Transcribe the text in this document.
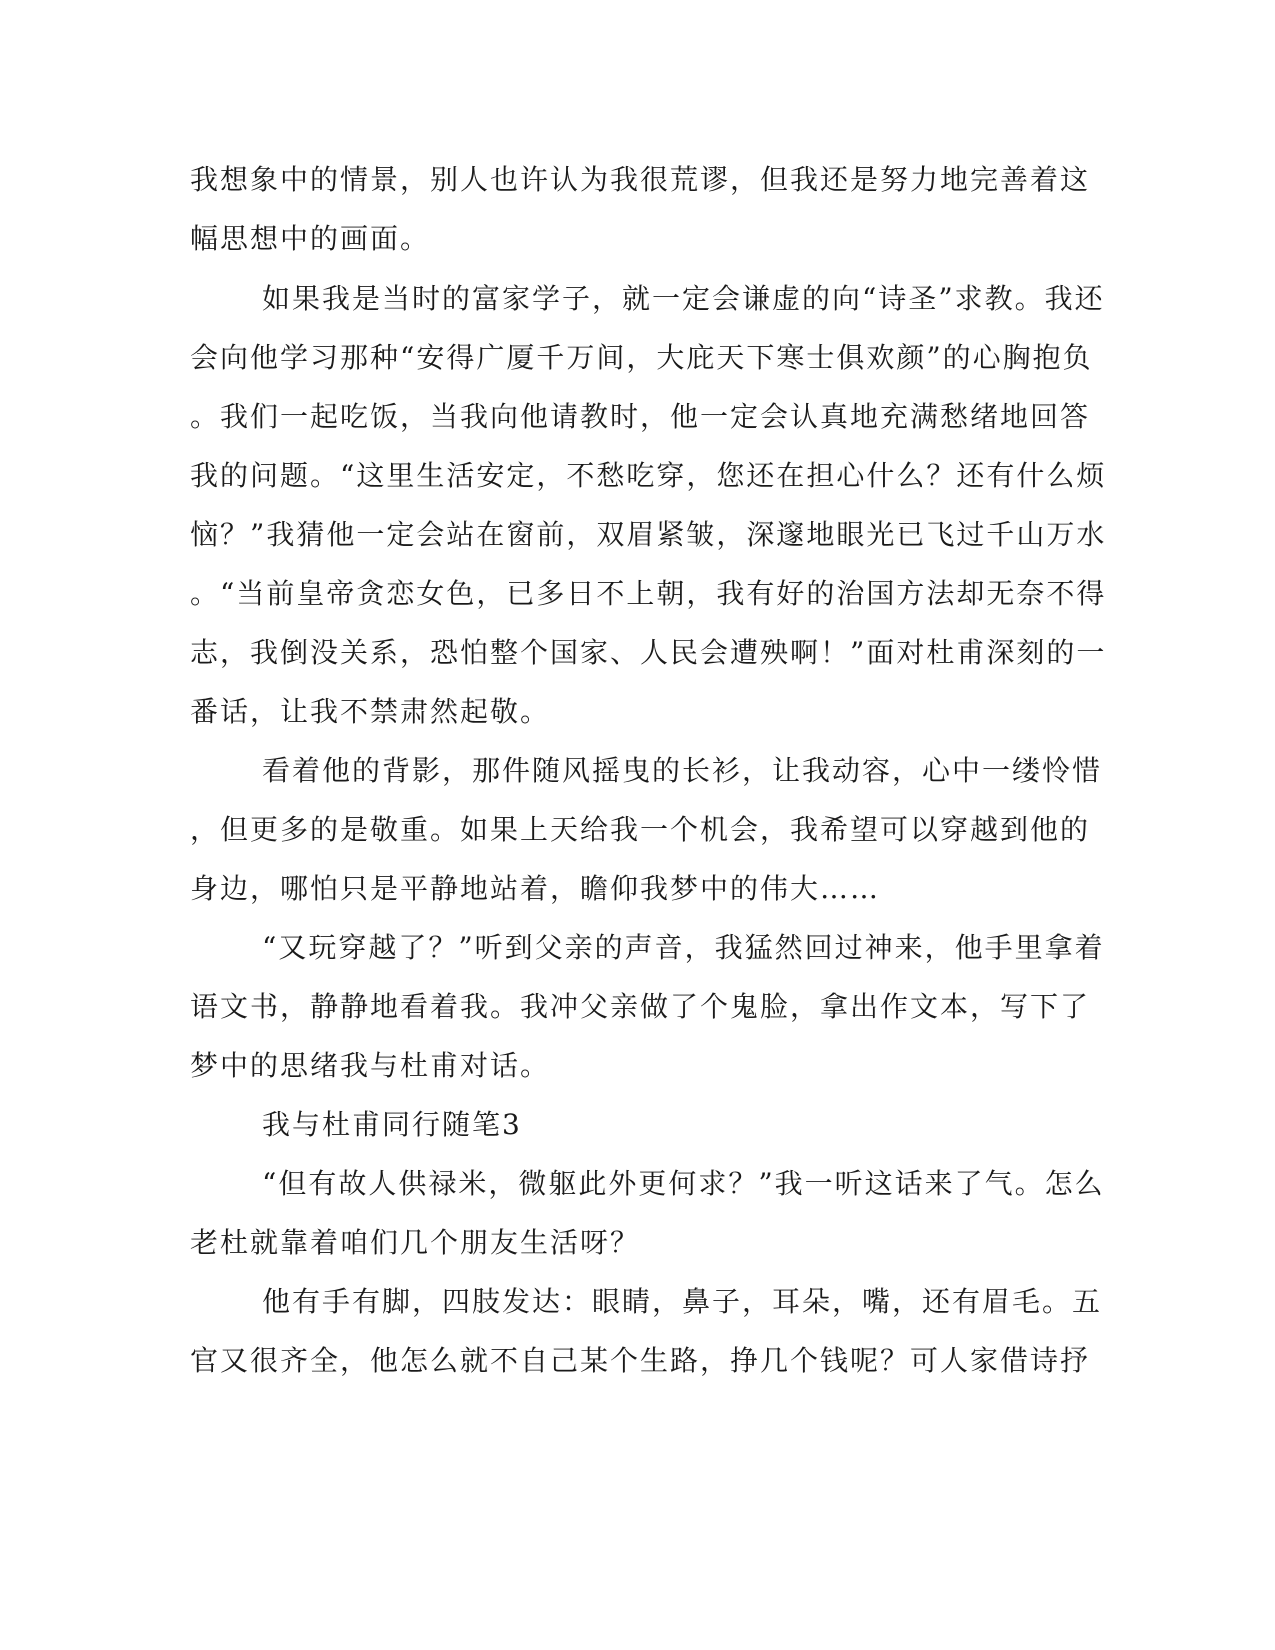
我想象中的情景，别人也许认为我很荒谬，但我还是努力地完善着这
幅思想中的画面。
如果我是当时的富家学子，就一定会谦虚的向“诗圣”求教。我还
会向他学习那种“安得广厦千万间，大庇天下寒士俱欢颜”的心胸抱负
。我们一起吃饭，当我向他请教时，他一定会认真地充满愁绪地回答
我的问题。“这里生活安定，不愁吃穿，您还在担心什么？还有什么烦
恼？”我猜他一定会站在窗前，双眉紧皱，深邃地眼光已飞过千山万水
。“当前皇帝贪恋女色，已多日不上朝，我有好的治国方法却无奈不得
志，我倒没关系，恐怕整个国家、人民会遭殃啊！”面对杜甫深刻的一
番话，让我不禁肃然起敬。
看着他的背影，那件随风摇曳的长衫，让我动容，心中一缕怜惜
，但更多的是敬重。如果上天给我一个机会，我希望可以穿越到他的
身边，哪怕只是平静地站着，瞻仰我梦中的伟大……
“又玩穿越了？”听到父亲的声音，我猛然回过神来，他手里拿着
语文书，静静地看着我。我冲父亲做了个鬼脸，拿出作文本，写下了
梦中的思绪我与杜甫对话。
我与杜甫同行随笔3
“但有故人供禄米，微躯此外更何求？”我一听这话来了气。怎么
老杜就靠着咱们几个朋友生活呀？
他有手有脚，四肢发达：眼睛，鼻子，耳朵，嘴，还有眉毛。五
官又很齐全，他怎么就不自己某个生路，挣几个钱呢？可人家借诗抒
